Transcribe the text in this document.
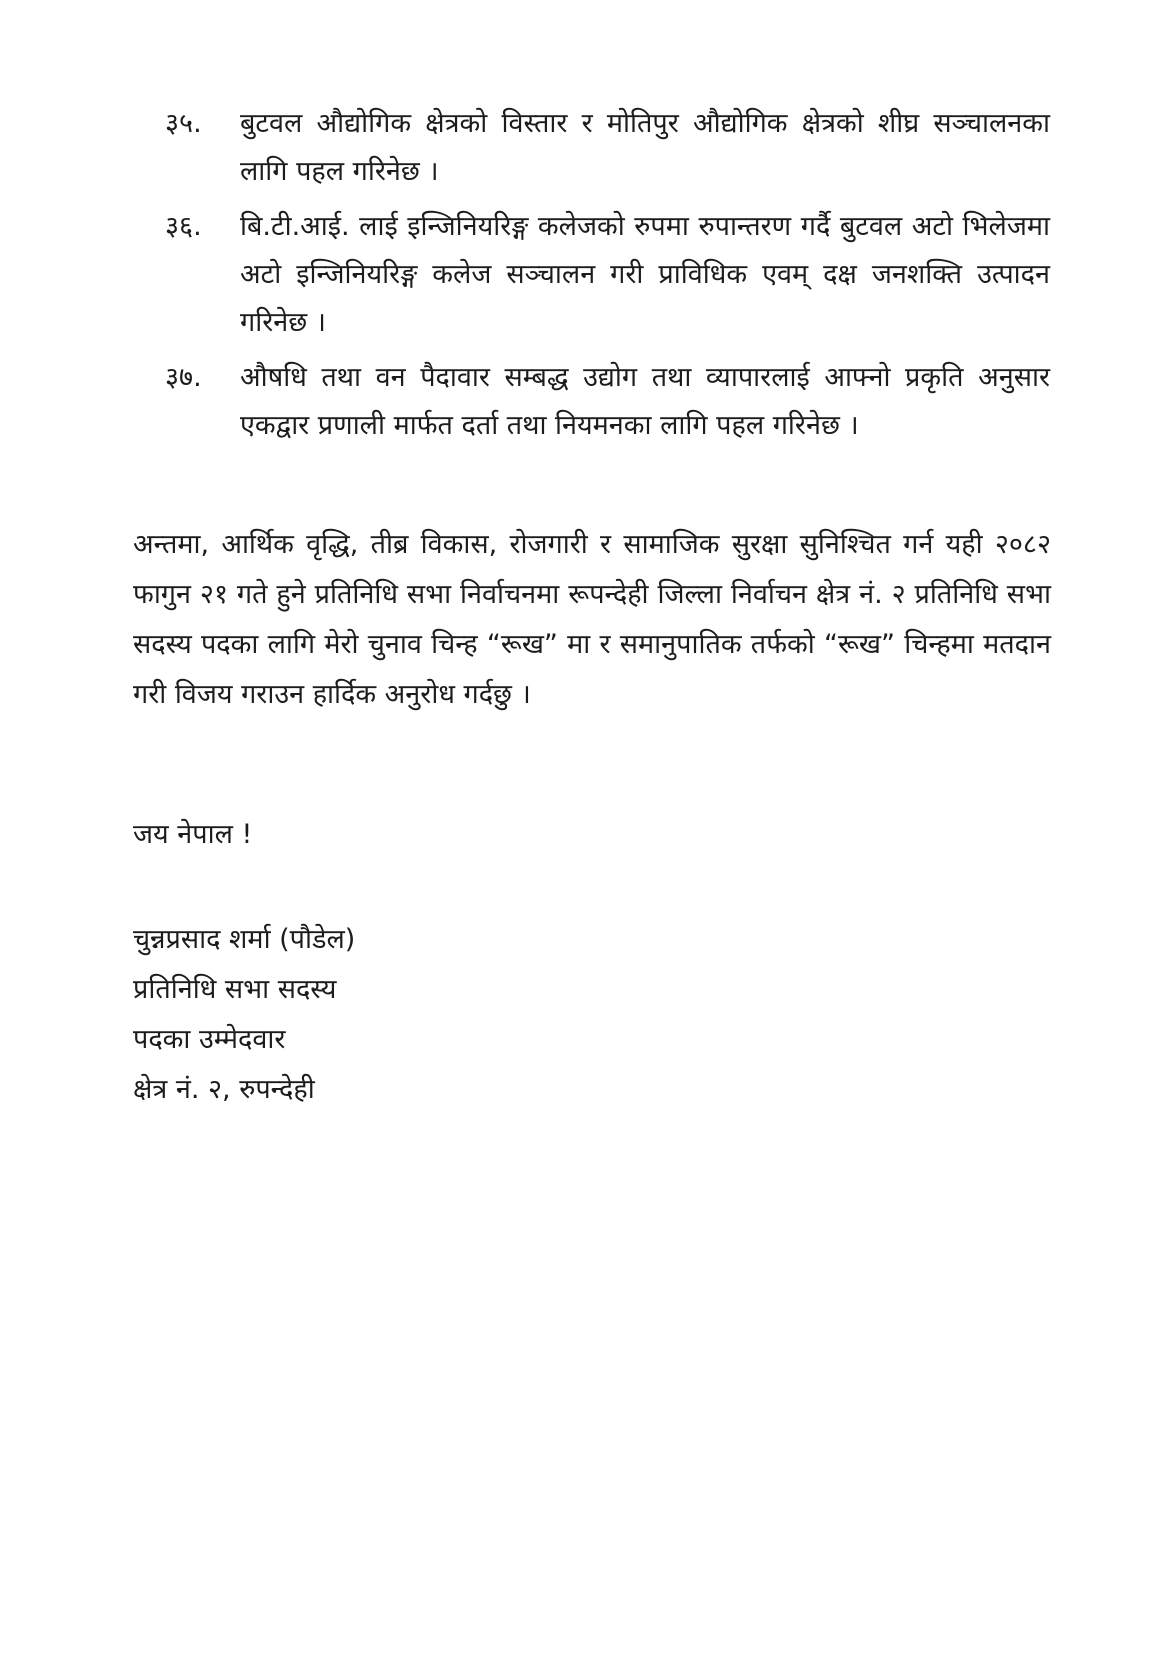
३५.	बुटवल औद्योगिक क्षेत्रको विस्तार र मोतिपुर औद्योगिक क्षेत्रको शीघ्र सञ्चालनका लागि पहल गरिनेछ ।
३६.	बि.टी.आई. लाई इन्जिनियरिङ्ग कलेजको रुपमा रुपान्तरण गर्दै बुटवल अटो भिलेजमा अटो इन्जिनियरिङ्ग कलेज सञ्चालन गरी प्राविधिक एवम् दक्ष जनशक्ति उत्पादन गरिनेछ ।
३७.	औषधि तथा वन पैदावार सम्बद्ध उद्योग तथा व्यापारलाई आफ्नो प्रकृति अनुसार एकद्वार प्रणाली मार्फत दर्ता तथा नियमनका लागि पहल गरिनेछ ।
अन्तमा, आर्थिक वृद्धि, तीब्र विकास, रोजगारी र सामाजिक सुरक्षा सुनिश्चित गर्न यही २०८२ फागुन २१ गते हुने प्रतिनिधि सभा निर्वाचनमा रूपन्देही जिल्ला निर्वाचन क्षेत्र नं. २ प्रतिनिधि सभा सदस्य पदका लागि मेरो चुनाव चिन्ह “रूख” मा र समानुपातिक तर्फको “रूख” चिन्हमा मतदान गरी विजय गराउन हार्दिक अनुरोध गर्दछु ।
जय नेपाल !
चुन्नप्रसाद शर्मा (पौडेल)
प्रतिनिधि सभा सदस्य
पदका उम्मेदवार
क्षेत्र नं. २, रुपन्देही
